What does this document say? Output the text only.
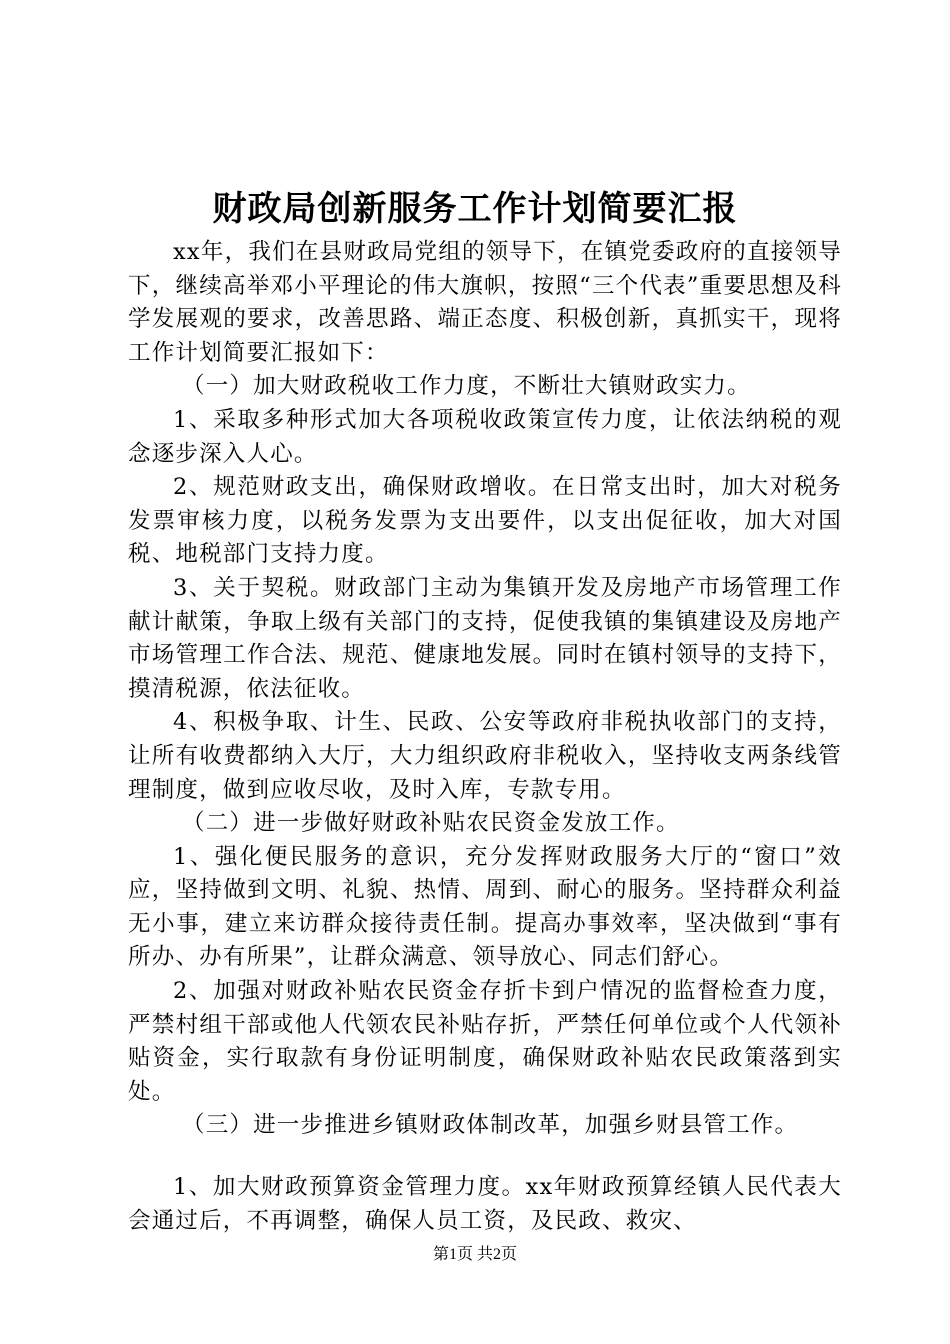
财政局创新服务工作计划简要汇报

xx年，我们在县财政局党组的领导下，在镇党委政府的直接领导下，继续高举邓小平理论的伟大旗帜，按照“三个代表”重要思想及科学发展观的要求，改善思路、端正态度、积极创新，真抓实干，现将工作计划简要汇报如下：

（一）加大财政税收工作力度，不断壮大镇财政实力。

1、采取多种形式加大各项税收政策宣传力度，让依法纳税的观念逐步深入人心。

2、规范财政支出，确保财政增收。在日常支出时，加大对税务发票审核力度，以税务发票为支出要件，以支出促征收，加大对国税、地税部门支持力度。

3、关于契税。财政部门主动为集镇开发及房地产市场管理工作献计献策，争取上级有关部门的支持，促使我镇的集镇建设及房地产市场管理工作合法、规范、健康地发展。同时在镇村领导的支持下，摸清税源，依法征收。

4、积极争取、计生、民政、公安等政府非税执收部门的支持，让所有收费都纳入大厅，大力组织政府非税收入，坚持收支两条线管理制度，做到应收尽收，及时入库，专款专用。

（二）进一步做好财政补贴农民资金发放工作。

1、强化便民服务的意识，充分发挥财政服务大厅的“窗口”效应，坚持做到文明、礼貌、热情、周到、耐心的服务。坚持群众利益无小事，建立来访群众接待责任制。提高办事效率，坚决做到“事有所办、办有所果”，让群众满意、领导放心、同志们舒心。

2、加强对财政补贴农民资金存折卡到户情况的监督检查力度，严禁村组干部或他人代领农民补贴存折，严禁任何单位或个人代领补贴资金，实行取款有身份证明制度，确保财政补贴农民政策落到实处。

（三）进一步推进乡镇财政体制改革，加强乡财县管工作。

1、加大财政预算资金管理力度。xx年财政预算经镇人民代表大会通过后，不再调整，确保人员工资，及民政、救灾、

第1页 共2页
